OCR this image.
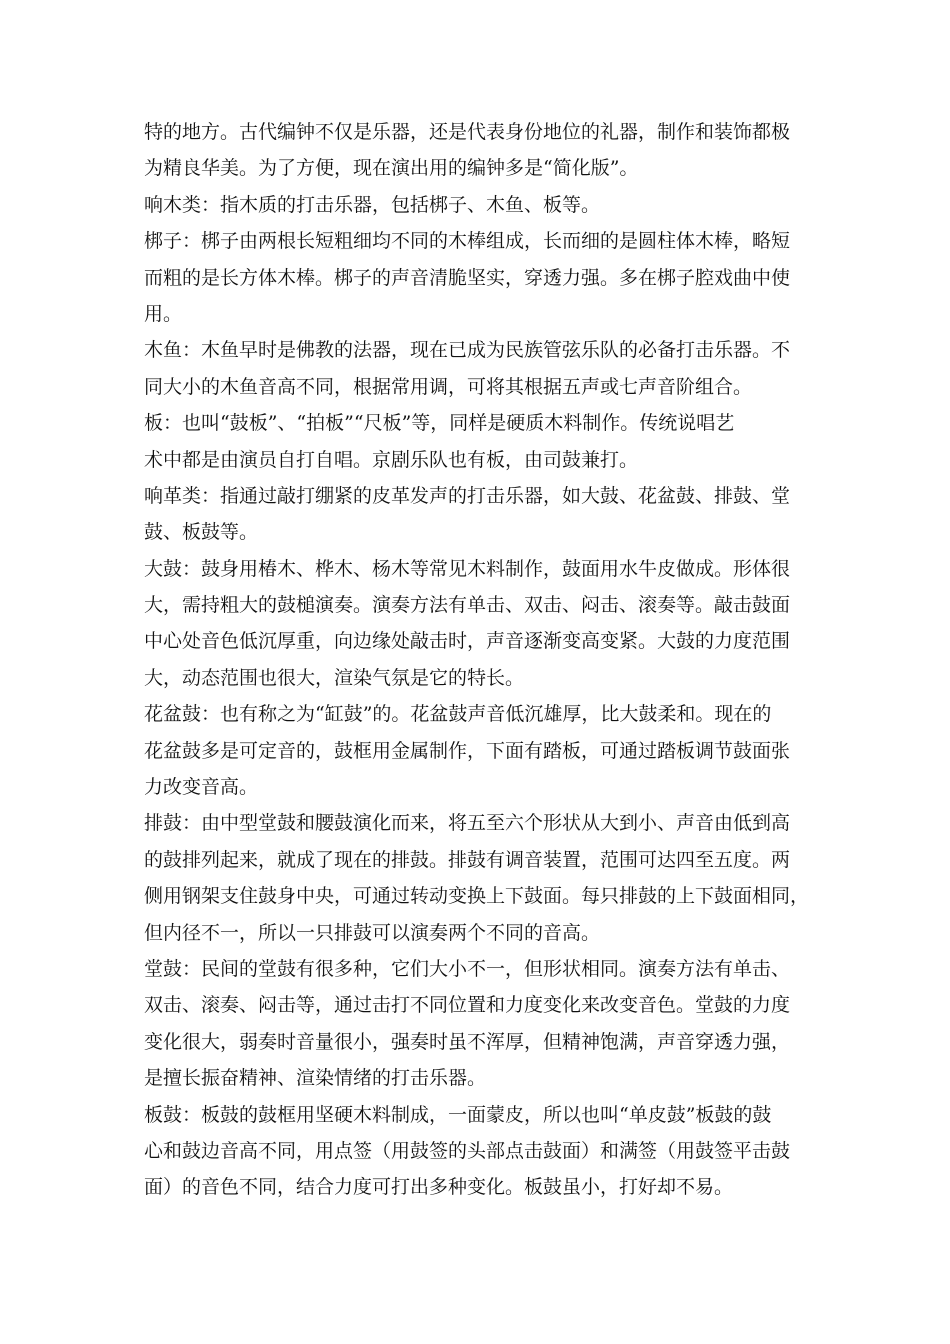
特的地方。古代编钟不仅是乐器，还是代表身份地位的礼器，制作和装饰都极
为精良华美。为了方便，现在演出用的编钟多是“简化版”。

响木类：指木质的打击乐器，包括梆子、木鱼、板等。

梆子：梆子由两根长短粗细均不同的木棒组成，长而细的是圆柱体木棒，略短
而粗的是长方体木棒。梆子的声音清脆坚实，穿透力强。多在梆子腔戏曲中使
用。

木鱼：木鱼早时是佛教的法器，现在已成为民族管弦乐队的必备打击乐器。不
同大小的木鱼音高不同，根据常用调，可将其根据五声或七声音阶组合。

板：也叫“鼓板”、“拍板”“尺板”等，同样是硬质木料制作。传统说唱艺
术中都是由演员自打自唱。京剧乐队也有板，由司鼓兼打。

响革类：指通过敲打绷紧的皮革发声的打击乐器，如大鼓、花盆鼓、排鼓、堂
鼓、板鼓等。

大鼓：鼓身用椿木、桦木、杨木等常见木料制作，鼓面用水牛皮做成。形体很
大，需持粗大的鼓槌演奏。演奏方法有单击、双击、闷击、滚奏等。敲击鼓面
中心处音色低沉厚重，向边缘处敲击时，声音逐渐变高变紧。大鼓的力度范围
大，动态范围也很大，渲染气氛是它的特长。

花盆鼓：也有称之为“缸鼓”的。花盆鼓声音低沉雄厚，比大鼓柔和。现在的
花盆鼓多是可定音的，鼓框用金属制作，下面有踏板，可通过踏板调节鼓面张
力改变音高。

排鼓：由中型堂鼓和腰鼓演化而来，将五至六个形状从大到小、声音由低到高
的鼓排列起来，就成了现在的排鼓。排鼓有调音装置，范围可达四至五度。两
侧用钢架支住鼓身中央，可通过转动变换上下鼓面。每只排鼓的上下鼓面相同，
但内径不一，所以一只排鼓可以演奏两个不同的音高。

堂鼓：民间的堂鼓有很多种，它们大小不一，但形状相同。演奏方法有单击、
双击、滚奏、闷击等，通过击打不同位置和力度变化来改变音色。堂鼓的力度
变化很大，弱奏时音量很小，强奏时虽不浑厚，但精神饱满，声音穿透力强，
是擅长振奋精神、渲染情绪的打击乐器。

板鼓：板鼓的鼓框用坚硬木料制成，一面蒙皮，所以也叫“单皮鼓”板鼓的鼓
心和鼓边音高不同，用点签（用鼓签的头部点击鼓面）和满签（用鼓签平击鼓
面）的音色不同，结合力度可打出多种变化。板鼓虽小，打好却不易。
